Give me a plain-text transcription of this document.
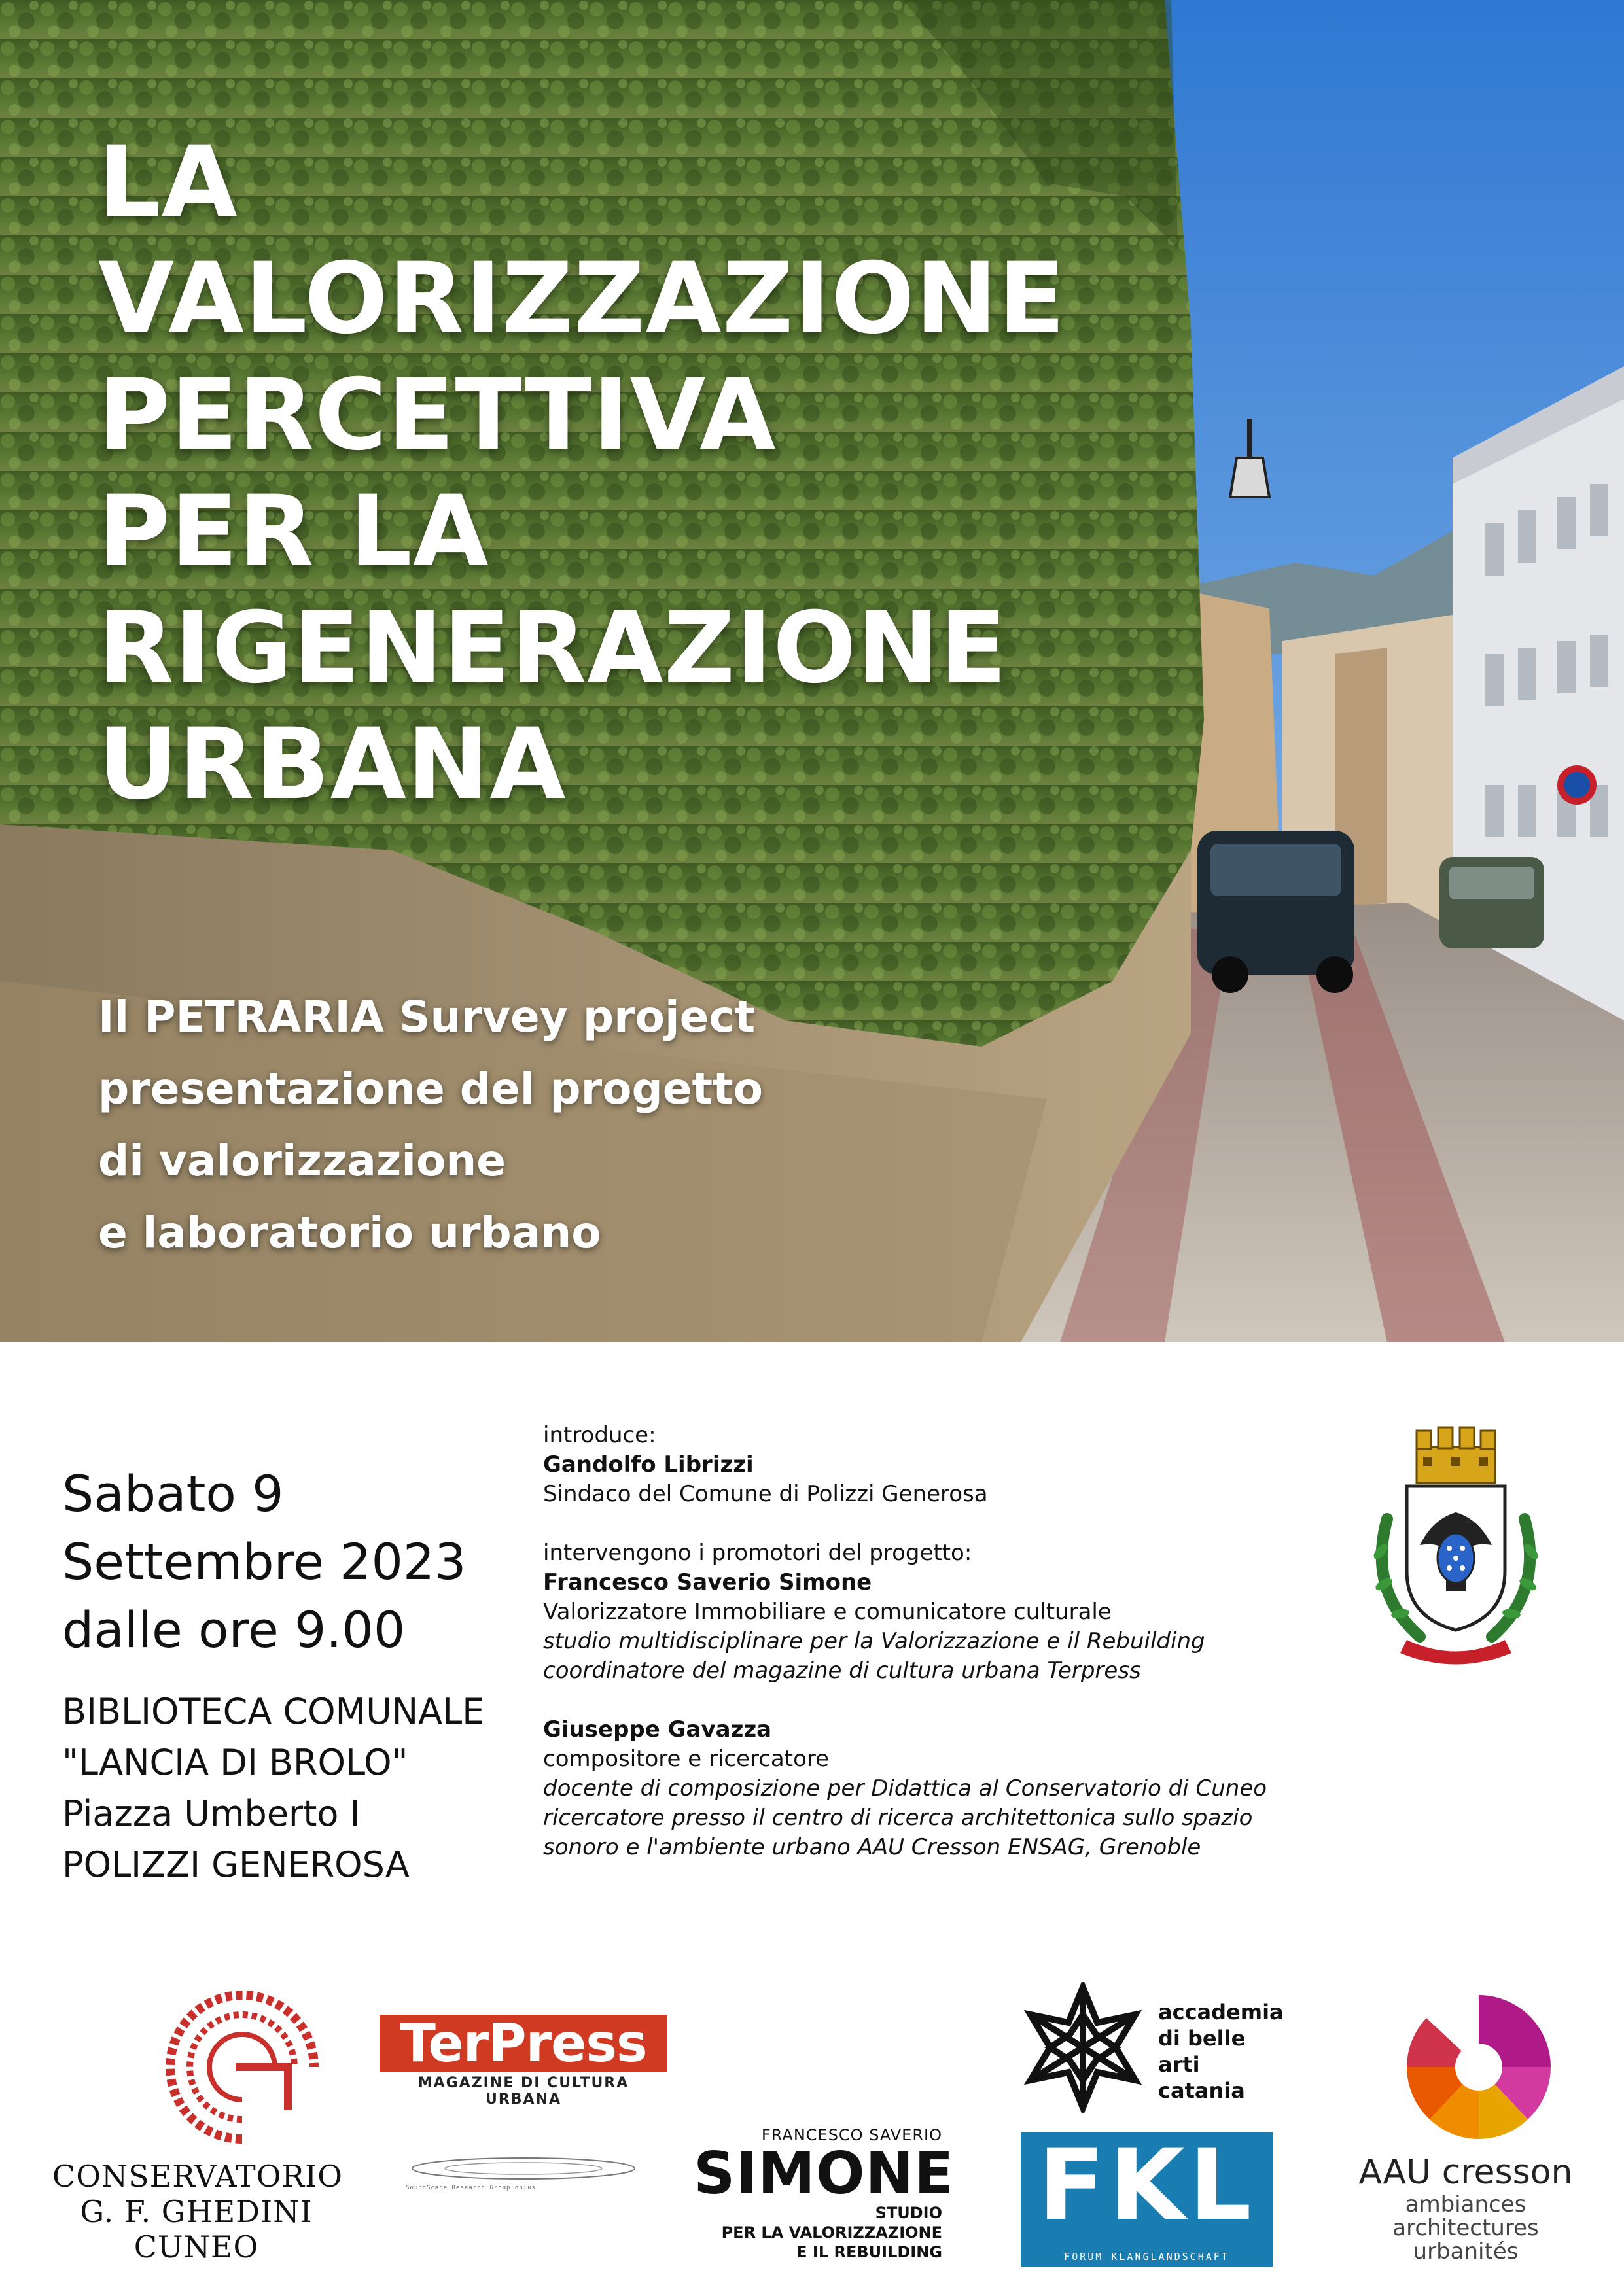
LA
VALORIZZAZIONE
PERCETTIVA
PER LA
RIGENERAZIONE
URBANA
Il PETRARIA Survey project
presentazione del progetto
di valorizzazione
e laboratorio urbano
Sabato 9
Settembre 2023
dalle ore 9.00
BIBLIOTECA COMUNALE
"LANCIA DI BROLO"
Piazza Umberto I
POLIZZI GENEROSA
introduce:
Gandolfo Librizzi
Sindaco del Comune di Polizzi Generosa
intervengono i promotori del progetto:
Francesco Saverio Simone
Valorizzatore Immobiliare e comunicatore culturale
studio multidisciplinare per la Valorizzazione e il Rebuilding
coordinatore del magazine di cultura urbana Terpress
Giuseppe Gavazza
compositore e ricercatore
docente di composizione per Didattica al Conservatorio di Cuneo
ricercatore presso il centro di ricerca architettonica sullo spazio
sonoro e l'ambiente urbano AAU Cresson ENSAG, Grenoble
CONSERVATORIO
G. F. GHEDINI
CUNEO
TerPress
MAGAZINE DI CULTURA URBANA
SoundScape Research Group onlus
FRANCESCO SAVERIO
SIMONE
STUDIO
PER LA VALORIZZAZIONE
E IL REBUILDING
accademia
di belle
arti
catania
FKL
FORUM KLANGLANDSCHAFT
AAU cresson
ambiances
architectures
urbanités
